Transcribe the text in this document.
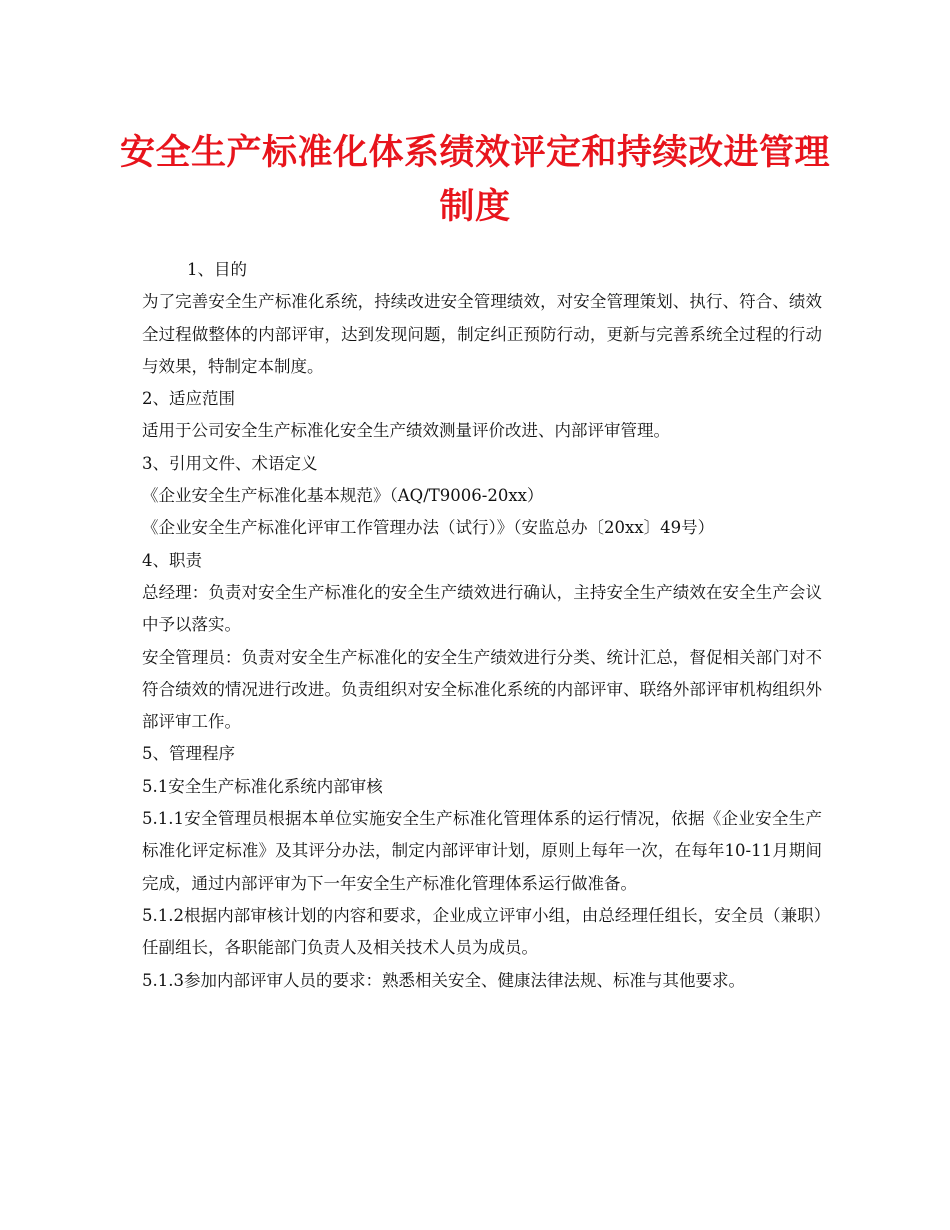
安全生产标准化体系绩效评定和持续改进管理制度

1、目的

为了完善安全生产标准化系统，持续改进安全管理绩效，对安全管理策划、执行、符合、绩效全过程做整体的内部评审，达到发现问题，制定纠正预防行动，更新与完善系统全过程的行动与效果，特制定本制度。

2、适应范围

适用于公司安全生产标准化安全生产绩效测量评价改进、内部评审管理。

3、引用文件、术语定义

《企业安全生产标准化基本规范》（AQ/T9006-20xx）

《企业安全生产标准化评审工作管理办法（试行）》（安监总办〔20xx〕49号）

4、职责

总经理：负责对安全生产标准化的安全生产绩效进行确认，主持安全生产绩效在安全生产会议中予以落实。

安全管理员：负责对安全生产标准化的安全生产绩效进行分类、统计汇总，督促相关部门对不符合绩效的情况进行改进。负责组织对安全标准化系统的内部评审、联络外部评审机构组织外部评审工作。

5、管理程序

5.1安全生产标准化系统内部审核

5.1.1安全管理员根据本单位实施安全生产标准化管理体系的运行情况，依据《企业安全生产标准化评定标准》及其评分办法，制定内部评审计划，原则上每年一次，在每年10-11月期间完成，通过内部评审为下一年安全生产标准化管理体系运行做准备。

5.1.2根据内部审核计划的内容和要求，企业成立评审小组，由总经理任组长，安全员（兼职）任副组长，各职能部门负责人及相关技术人员为成员。

5.1.3参加内部评审人员的要求：熟悉相关安全、健康法律法规、标准与其他要求。
